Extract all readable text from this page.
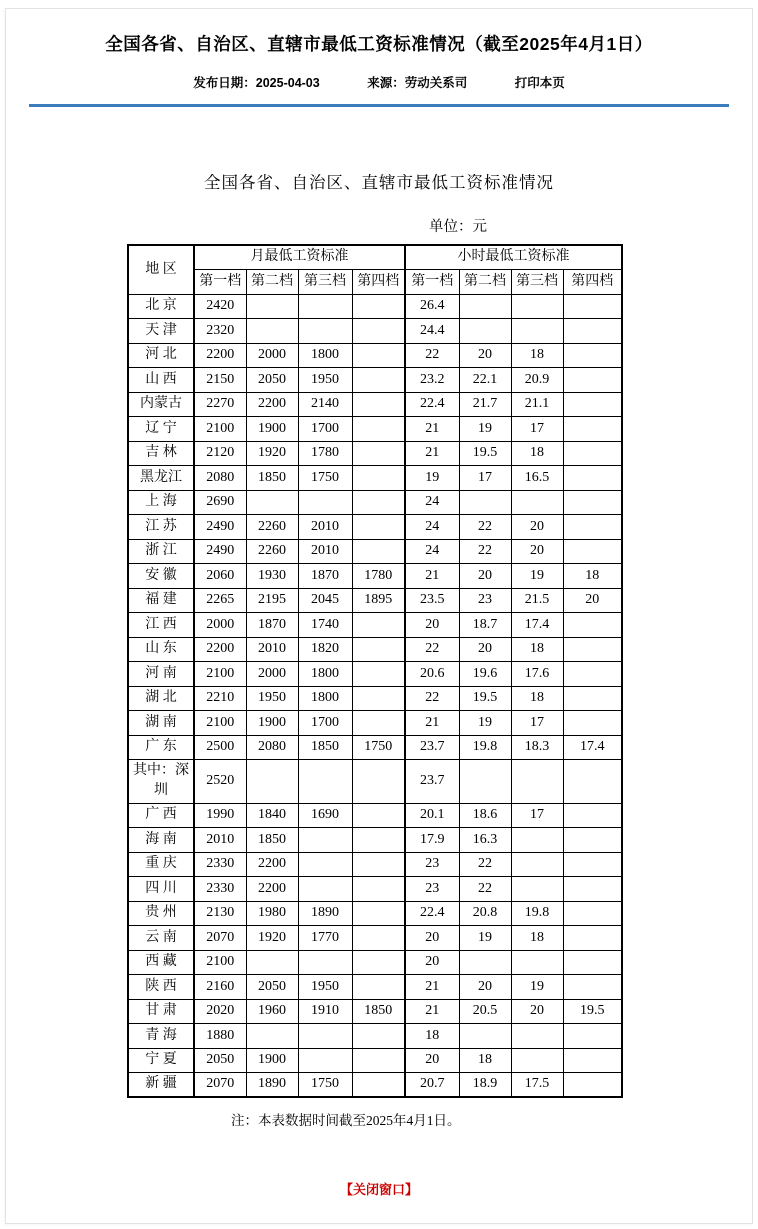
全国各省、自治区、直辖市最低工资标准情况（截至2025年4月1日）
发布日期：2025-04-03	来源：劳动关系司	打印本页
全国各省、自治区、直辖市最低工资标准情况
单位：元
地 区	月最低工资标准				小时最低工资标准			
	第一档	第二档	第三档	第四档	第一档	第二档	第三档	第四档
北 京	2420				26.4			
天 津	2320				24.4			
河 北	2200	2000	1800		22	20	18	
山 西	2150	2050	1950		23.2	22.1	20.9	
内蒙古	2270	2200	2140		22.4	21.7	21.1	
辽 宁	2100	1900	1700		21	19	17	
吉 林	2120	1920	1780		21	19.5	18	
黑龙江	2080	1850	1750		19	17	16.5	
上 海	2690				24			
江 苏	2490	2260	2010		24	22	20	
浙 江	2490	2260	2010		24	22	20	
安 徽	2060	1930	1870	1780	21	20	19	18
福 建	2265	2195	2045	1895	23.5	23	21.5	20
江 西	2000	1870	1740		20	18.7	17.4	
山 东	2200	2010	1820		22	20	18	
河 南	2100	2000	1800		20.6	19.6	17.6	
湖 北	2210	1950	1800		22	19.5	18	
湖 南	2100	1900	1700		21	19	17	
广 东	2500	2080	1850	1750	23.7	19.8	18.3	17.4
其中：深圳	2520				23.7			
广 西	1990	1840	1690		20.1	18.6	17	
海 南	2010	1850			17.9	16.3		
重 庆	2330	2200			23	22		
四 川	2330	2200			23	22		
贵 州	2130	1980	1890		22.4	20.8	19.8	
云 南	2070	1920	1770		20	19	18	
西 藏	2100				20			
陕 西	2160	2050	1950		21	20	19	
甘 肃	2020	1960	1910	1850	21	20.5	20	19.5
青 海	1880				18			
宁 夏	2050	1900			20	18		
新 疆	2070	1890	1750		20.7	18.9	17.5	
注：本表数据时间截至2025年4月1日。
【关闭窗口】
